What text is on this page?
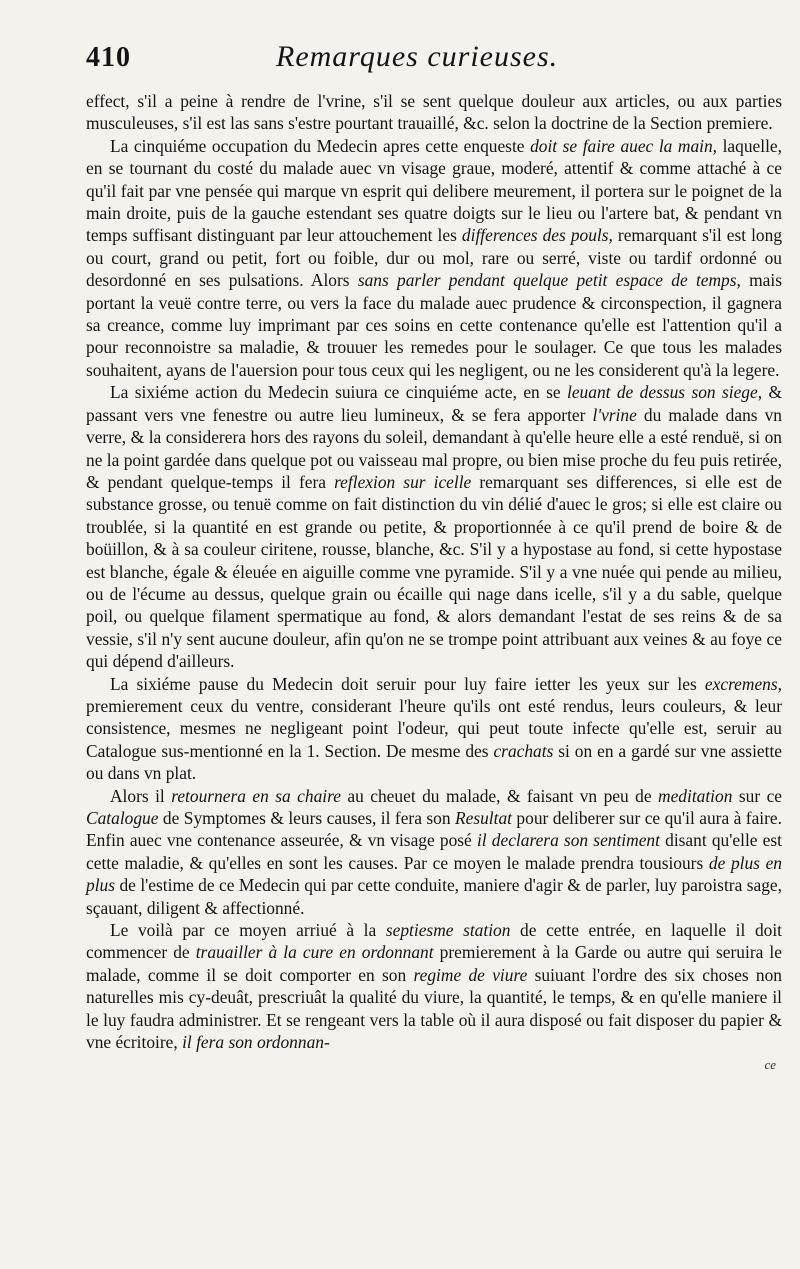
410	Remarques curieuses.

effect, s'il a peine à rendre de l'vrine, s'il se sent quelque douleur aux articles, ou aux parties musculeuses, s'il est las sans s'estre pourtant trauaillé, &c. selon la doctrine de la Section premiere.

La cinquiéme occupation du Medecin apres cette enqueste doit se faire auec la main, laquelle, en se tournant du costé du malade auec vn visage graue, moderé, attentif & comme attaché à ce qu'il fait par vne pensée qui marque vn esprit qui delibere meurement, il portera sur le poignet de la main droite, puis de la gauche estendant ses quatre doigts sur le lieu ou l'artere bat, & pendant vn temps suffisant distinguant par leur attouchement les differences des pouls, remarquant s'il est long ou court, grand ou petit, fort ou foible, dur ou mol, rare ou serré, viste ou tardif ordonné ou desordonné en ses pulsations. Alors sans parler pendant quelque petit espace de temps, mais portant la veuë contre terre, ou vers la face du malade auec prudence & circonspection, il gagnera sa creance, comme luy imprimant par ces soins en cette contenance qu'elle est l'attention qu'il a pour reconnoistre sa maladie, & trouuer les remedes pour le soulager. Ce que tous les malades souhaitent, ayans de l'auersion pour tous ceux qui les negligent, ou ne les considerent qu'à la legere.

La sixiéme action du Medecin suiura ce cinquiéme acte, en se leuant de dessus son siege, & passant vers vne fenestre ou autre lieu lumineux, & se fera apporter l'vrine du malade dans vn verre, & la considerera hors des rayons du soleil, demandant à qu'elle heure elle a esté renduë, si on ne la point gardée dans quelque pot ou vaisseau mal propre, ou bien mise proche du feu puis retirée, & pendant quelque-temps il fera reflexion sur icelle remarquant ses differences, si elle est de substance grosse, ou tenuë comme on fait distinction du vin délié d'auec le gros; si elle est claire ou troublée, si la quantité en est grande ou petite, & proportionnée à ce qu'il prend de boire & de boüillon, & à sa couleur ciritene, rousse, blanche, &c. S'il y a hypostase au fond, si cette hypostase est blanche, égale & éleuée en aiguille comme vne pyramide. S'il y a vne nuée qui pende au milieu, ou de l'écume au dessus, quelque grain ou écaille qui nage dans icelle, s'il y a du sable, quelque poil, ou quelque filament spermatique au fond, & alors demandant l'estat de ses reins & de sa vessie, s'il n'y sent aucune douleur, afin qu'on ne se trompe point attribuant aux veines & au foye ce qui dépend d'ailleurs.

La sixiéme pause du Medecin doit seruir pour luy faire ietter les yeux sur les excremens, premierement ceux du ventre, considerant l'heure qu'ils ont esté rendus, leurs couleurs, & leur consistence, mesmes ne negligeant point l'odeur, qui peut toute infecte qu'elle est, seruir au Catalogue sus-mentionné en la 1. Section. De mesme des crachats si on en a gardé sur vne assiette ou dans vn plat.

Alors il retournera en sa chaire au cheuet du malade, & faisant vn peu de meditation sur ce Catalogue de Symptomes & leurs causes, il fera son Resultat pour deliberer sur ce qu'il aura à faire. Enfin auec vne contenance asseurée, & vn visage posé il declarera son sentiment disant qu'elle est cette maladie, & qu'elles en sont les causes. Par ce moyen le malade prendra tousiours de plus en plus de l'estime de ce Medecin qui par cette conduite, maniere d'agir & de parler, luy paroistra sage, sçauant, diligent & affectionné.

Le voilà par ce moyen arriué à la septiesme station de cette entrée, en laquelle il doit commencer de trauailler à la cure en ordonnant premierement à la Garde ou autre qui seruira le malade, comme il se doit comporter en son regime de viure suiuant l'ordre des six choses non naturelles mis cy-deuât, prescriuât la qualité du viure, la quantité, le temps, & en qu'elle maniere il le luy faudra administrer. Et se rengeant vers la table où il aura disposé ou fait disposer du papier & vne écritoire, il fera son ordonnan-

ce
